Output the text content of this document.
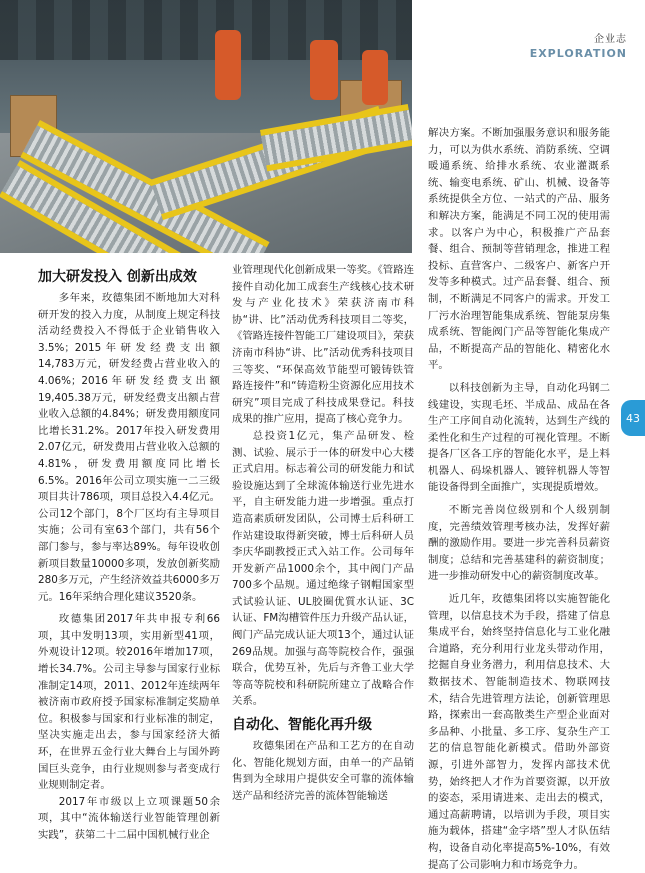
企业志
EXPLORATION
43
加大研发投入 创新出成效

多年来，玫德集团不断地加大对科研开发的投入力度，从制度上规定科技活动经费投入不得低于企业销售收入3.5%；2015年研发经费支出额14,783万元，研发经费占营业收入的4.06%；2016年研发经费支出额19,405.38万元，研发经费支出额占营业收入总额的4.84%；研发费用额度同比增长31.2%。2017年投入研发费用2.07亿元，研发费用占营业收入总额的4.81%，研发费用额度同比增长6.5%。2016年公司立项实施一二三级项目共计786项，项目总投入4.4亿元。公司12个部门，8个厂区均有主导项目实施；公司有室63个部门，共有56个部门参与，参与率达89%。每年设收创新项目数量10000多项，发放创新奖励280多万元，产生经济效益共6000多万元。16年采纳合理化建议3520条。

玫德集团2017年共申报专利66项，其中发明13项，实用新型41项，外观设计12项。较2016年增加17项，增长34.7%。公司主导参与国家行业标准制定14项，2011、2012年连续两年被济南市政府授予国家标准制定奖励单位。积极参与国家和行业标准的制定，坚决实施走出去，参与国家经济大循环，在世界五金行业大舞台上与国外跨国巨头竞争，由行业规则参与者变成行业规则制定者。

2017年市级以上立项课题50余项，其中“流体输送行业智能管理创新实践”，获第二十二届中国机械行业企

业管理现代化创新成果一等奖。《管路连接件自动化加工成套生产线核心技术研发与产业化技术》荣获济南市科协“讲、比”活动优秀科技项目二等奖，《管路连接件智能工厂建设项目》，荣获济南市科协“讲、比”活动优秀科技项目三等奖、“环保高效节能型可锻铸铁管路连接件”和“铸造粉尘资源化应用技术研究”项目完成了科技成果登记。科技成果的推广应用，提高了核心竞争力。

总投资1亿元，集产品研发、检测、试验、展示于一体的研发中心大楼正式启用。标志着公司的研发能力和试验设施达到了全球流体输送行业先进水平，自主研发能力进一步增强。重点打造高素质研发团队，公司博士后科研工作站建设取得新突破，博士后科研人员李庆华副教授正式入站工作。公司每年开发新产品1000余个，其中阀门产品700多个品规。通过绝缘子钢帽国家型式试验认证、UL胶圈优質水认证、3C认证、FM沟槽管件压力升级产品认证，阀门产品完成认证大项13个，通过认证269品规。加强与高等院校合作，强强联合，优势互补，先后与齐鲁工业大学等高等院校和科研院所建立了战略合作关系。

自动化、智能化再升级

玫德集团在产品和工艺方的在自动化、智能化规划方面，由单一的产品销售到为全球用户提供安全可靠的流体输送产品和经济完善的流体智能输送

解决方案。不断加强服务意识和服务能力，可以为供水系统、消防系统、空调暖通系统、给排水系统、农业灌溉系统、输变电系统、矿山、机械、设备等系统提供全方位、一站式的产品、服务和解决方案，能满足不同工况的使用需求。以客户为中心，积极推广产品套餐、组合、预制等营销理念，推进工程投标、直营客户、二级客户、新客户开发等多种模式。过产品套餐、组合、预制，不断满足不同客户的需求。开发工厂污水治理智能集成系统、智能泵房集成系统、智能阀门产品等智能化集成产品，不断提高产品的智能化、精密化水平。

以科技创新为主导，自动化玛钢二线建设，实现毛坯、半成品、成品在各生产工序间自动化流转，达到生产线的柔性化和生产过程的可视化管理。不断提各厂区各工序的智能化水平，是上料机器人、码垛机器人、镀锌机器人等智能设备得到全面推广，实现提质增效。

不断完善岗位级别和个人级别制度，完善绩效管理考核办法，发挥好薪酬的激励作用。要进一步完善科员薪资制度；总结和完善基建科的薪资制度；进一步推动研发中心的薪资制度改革。

近几年，玫德集团将以实施智能化管理，以信息技术为手段，搭建了信息集成平台，始终坚持信息化与工业化融合道路，充分利用行业龙头带动作用，挖掘自身业务潜力，利用信息技术、大数据技术、智能制造技术、物联网技术，结合先进管理方法论，创新管理思路，探索出一套高散类生产型企业面对多品种、小批量、多工序、复杂生产工艺的信息智能化新模式。借助外部资源，引进外部智力，发挥内部技术优势，始终把人才作为首要资源，以开放的姿态，采用请进来、走出去的模式，通过高薪聘请，以培训为手段，项目实施为载体，搭建“金字塔”型人才队伍结构，设备自动化率提高5%-10%，有效提高了公司影响力和市场竞争力。
